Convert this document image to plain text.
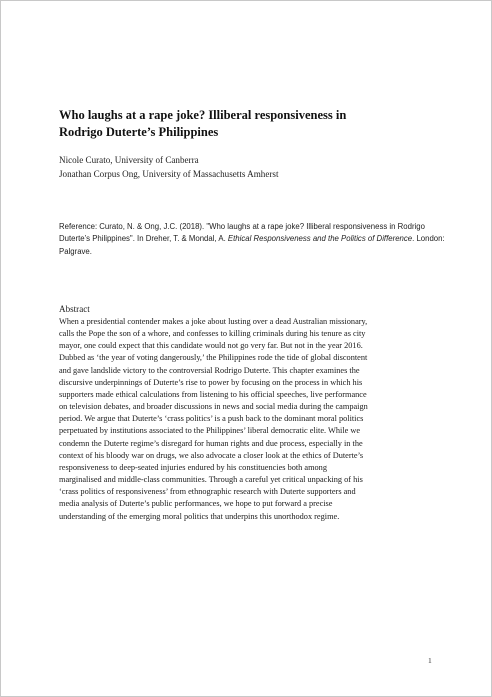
Who laughs at a rape joke? Illiberal responsiveness in Rodrigo Duterte’s Philippines
Nicole Curato, University of Canberra
Jonathan Corpus Ong, University of Massachusetts Amherst
Reference: Curato, N. & Ong, J.C. (2018). "Who laughs at a rape joke? Illiberal responsiveness in Rodrigo Duterte’s Philippines". In Dreher, T. & Mondal, A. Ethical Responsiveness and the Politics of Difference. London: Palgrave.
Abstract
When a presidential contender makes a joke about lusting over a dead Australian missionary,
calls the Pope the son of a whore, and confesses to killing criminals during his tenure as city
mayor, one could expect that this candidate would not go very far. But not in the year 2016.
Dubbed as ‘the year of voting dangerously,’ the Philippines rode the tide of global discontent
and gave landslide victory to the controversial Rodrigo Duterte. This chapter examines the
discursive underpinnings of Duterte’s rise to power by focusing on the process in which his
supporters made ethical calculations from listening to his official speeches, live performance
on television debates, and broader discussions in news and social media during the campaign
period. We argue that Duterte’s ‘crass politics’ is a push back to the dominant moral politics
perpetuated by institutions associated to the Philippines’ liberal democratic elite. While we
condemn the Duterte regime’s disregard for human rights and due process, especially in the
context of his bloody war on drugs, we also advocate a closer look at the ethics of Duterte’s
responsiveness to deep-seated injuries endured by his constituencies both among
marginalised and middle-class communities. Through a careful yet critical unpacking of his
‘crass politics of responsiveness’ from ethnographic research with Duterte supporters and
media analysis of Duterte’s public performances, we hope to put forward a precise
understanding of the emerging moral politics that underpins this unorthodox regime.
1
